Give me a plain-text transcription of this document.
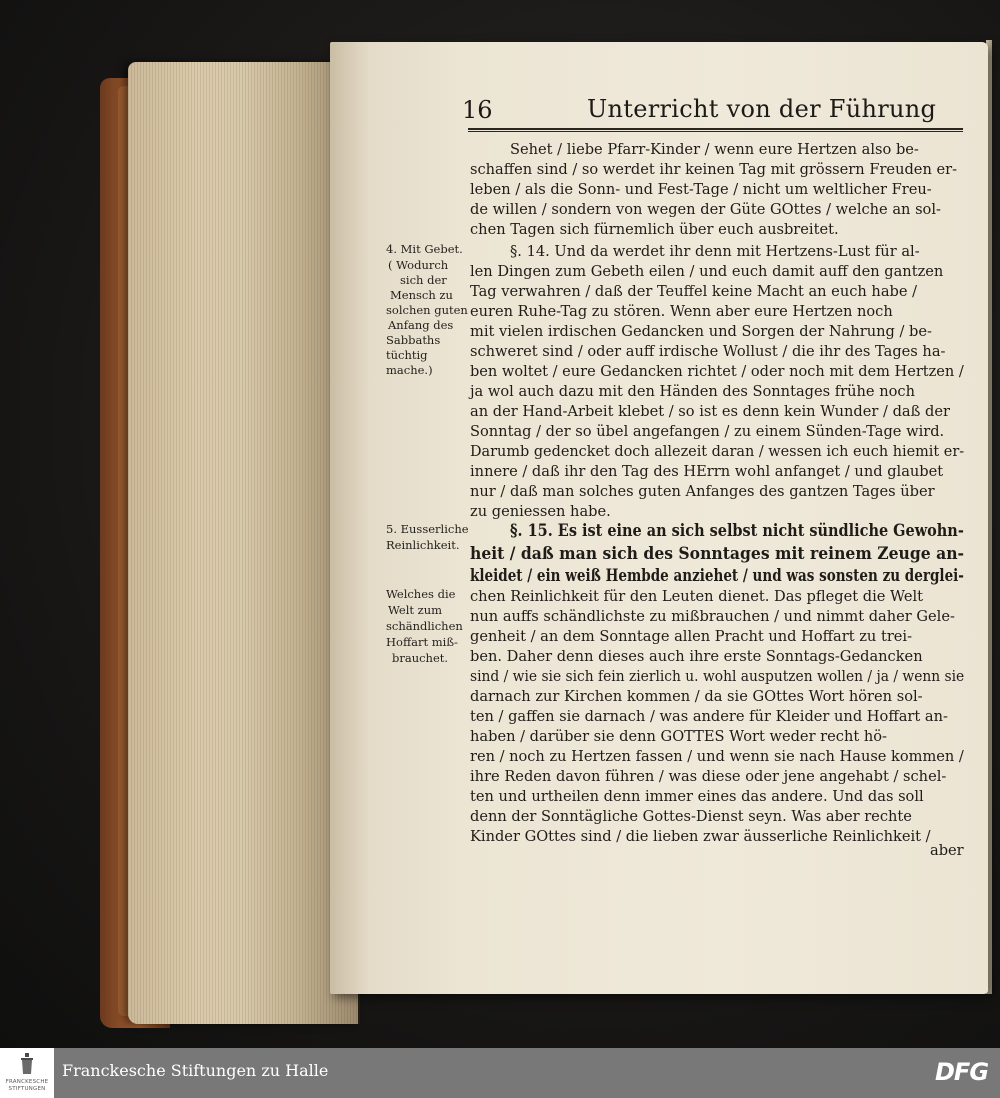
16	Unterricht von der Führung
Sehet / liebe Pfarr-Kinder / wenn eure Hertzen also be-
schaffen sind / so werdet ihr keinen Tag mit grössern Freuden er-
leben / als die Sonn- und Fest-Tage / nicht um weltlicher Freu-
de willen / sondern von wegen der Güte GOttes / welche an sol-
chen Tagen sich fürnemlich über euch ausbreitet.
§. 14. Und da werdet ihr denn mit Hertzens-Lust für al-
len Dingen zum Gebeth eilen / und euch damit auff den gantzen
Tag verwahren / daß der Teuffel keine Macht an euch habe /
euren Ruhe-Tag zu stören. Wenn aber eure Hertzen noch
mit vielen irdischen Gedancken und Sorgen der Nahrung / be-
schweret sind / oder auff irdische Wollust / die ihr des Tages ha-
ben woltet / eure Gedancken richtet / oder noch mit dem Hertzen /
ja wol auch dazu mit den Händen des Sonntages frühe noch
an der Hand-Arbeit klebet / so ist es denn kein Wunder / daß der
Sonntag / der so übel angefangen / zu einem Sünden-Tage wird.
Darumb gedencket doch allezeit daran / wessen ich euch hiemit er-
innere / daß ihr den Tag des HErrn wohl anfanget / und glaubet
nur / daß man solches guten Anfanges des gantzen Tages über
zu geniessen habe.
§. 15. Es ist eine an sich selbst nicht sündliche Gewohn-
heit / daß man sich des Sonntages mit reinem Zeuge an-
kleidet / ein weiß Hembde anziehet / und was sonsten zu derglei-
chen Reinlichkeit für den Leuten dienet. Das pfleget die Welt
nun auffs schändlichste zu mißbrauchen / und nimmt daher Gele-
genheit / an dem Sonntage allen Pracht und Hoffart zu trei-
ben. Daher denn dieses auch ihre erste Sonntags-Gedancken
sind / wie sie sich fein zierlich u. wohl ausputzen wollen / ja / wenn sie
darnach zur Kirchen kommen / da sie GOttes Wort hören sol-
ten / gaffen sie darnach / was andere für Kleider und Hoffart an-
haben / darüber sie denn GOTTES Wort weder recht hö-
ren / noch zu Hertzen fassen / und wenn sie nach Hause kommen /
ihre Reden davon führen / was diese oder jene angehabt / schel-
ten und urtheilen denn immer eines das andere. Und das soll
denn der Sonntägliche Gottes-Dienst seyn. Was aber rechte
Kinder GOttes sind / die lieben zwar äusserliche Reinlichkeit /
4. Mit Gebet.
( Wodurch
sich der
Mensch zu
solchen guten
Anfang des
Sabbaths
tüchtig
mache.)
5. Eusserliche
Reinlichkeit.
Welches die
Welt zum
schändlichen
Hoffart miß-
brauchet.
aber
FRANCKESCHE STIFTUNGEN
Franckesche Stiftungen zu Halle	DFG
